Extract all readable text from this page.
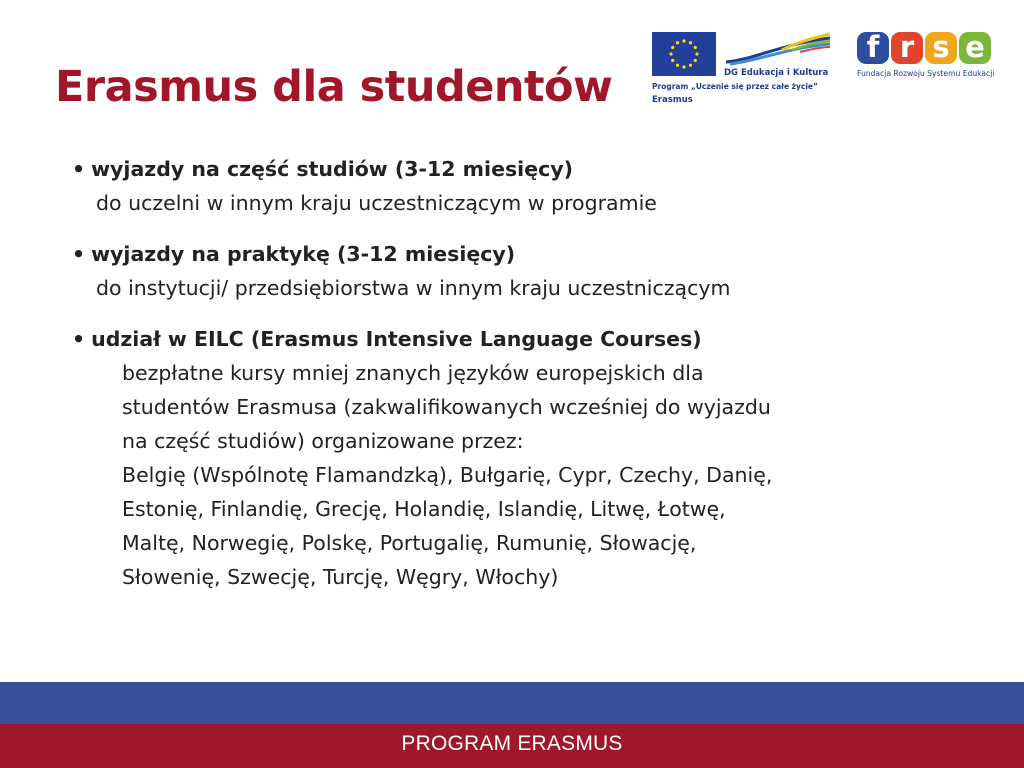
Erasmus dla studentów	DG Edukacja i Kultura
Program „Uczenie się przez całe życie”
Erasmus
f r s e
Fundacja Rozwoju Systemu Edukacji
• wyjazdy na część studiów (3-12 miesięcy)
do uczelni w innym kraju uczestniczącym w programie
• wyjazdy na praktykę (3-12 miesięcy)
do instytucji/ przedsiębiorstwa w innym kraju uczestniczącym
• udział w EILC (Erasmus Intensive Language Courses)
bezpłatne kursy mniej znanych języków europejskich dla
studentów Erasmusa (zakwalifikowanych wcześniej do wyjazdu
na część studiów) organizowane przez:
Belgię (Wspólnotę Flamandzką), Bułgarię, Cypr, Czechy, Danię,
Estonię, Finlandię, Grecję, Holandię, Islandię, Litwę, Łotwę,
Maltę, Norwegię, Polskę, Portugalię, Rumunię, Słowację,
Słowenię, Szwecję, Turcję, Węgry, Włochy)
PROGRAM ERASMUS
